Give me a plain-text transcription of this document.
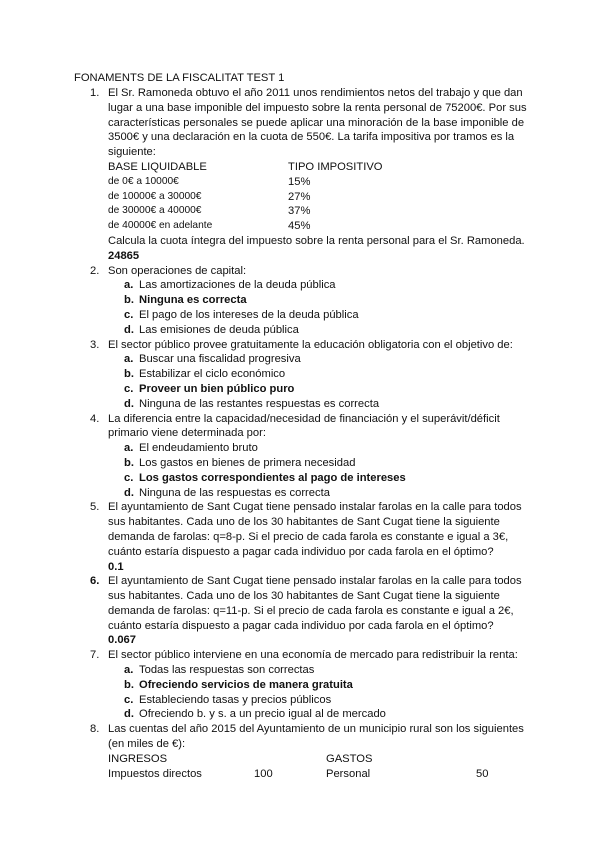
FONAMENTS DE LA FISCALITAT TEST 1
1. El Sr. Ramoneda obtuvo el año 2011 unos rendimientos netos del trabajo y que dan lugar a una base imponible del impuesto sobre la renta personal de 75200€. Por sus características personales se puede aplicar una minoración de la base imponible de 3500€ y una declaración en la cuota de 550€. La tarifa impositiva por tramos es la siguiente:
BASE LIQUIDABLE	TIPO IMPOSITIVO
de 0€ a 10000€	15%
de 10000€ a 30000€	27%
de 30000€ a 40000€	37%
de 40000€ en adelante	45%
Calcula la cuota íntegra del impuesto sobre la renta personal para el Sr. Ramoneda.
24865
2. Son operaciones de capital:
a. Las amortizaciones de la deuda pública
b. Ninguna es correcta
c. El pago de los intereses de la deuda pública
d. Las emisiones de deuda pública
3. El sector público provee gratuitamente la educación obligatoria con el objetivo de:
a. Buscar una fiscalidad progresiva
b. Estabilizar el ciclo económico
c. Proveer un bien público puro
d. Ninguna de las restantes respuestas es correcta
4. La diferencia entre la capacidad/necesidad de financiación y el superávit/déficit primario viene determinada por:
a. El endeudamiento bruto
b. Los gastos en bienes de primera necesidad
c. Los gastos correspondientes al pago de intereses
d. Ninguna de las respuestas es correcta
5. El ayuntamiento de Sant Cugat tiene pensado instalar farolas en la calle para todos sus habitantes. Cada uno de los 30 habitantes de Sant Cugat tiene la siguiente demanda de farolas: q=8-p. Si el precio de cada farola es constante e igual a 3€, cuánto estaría dispuesto a pagar cada individuo por cada farola en el óptimo?
0.1
6. El ayuntamiento de Sant Cugat tiene pensado instalar farolas en la calle para todos sus habitantes. Cada uno de los 30 habitantes de Sant Cugat tiene la siguiente demanda de farolas: q=11-p. Si el precio de cada farola es constante e igual a 2€, cuánto estaría dispuesto a pagar cada individuo por cada farola en el óptimo?
0.067
7. El sector público interviene en una economía de mercado para redistribuir la renta:
a. Todas las respuestas son correctas
b. Ofreciendo servicios de manera gratuita
c. Estableciendo tasas y precios públicos
d. Ofreciendo b. y s. a un precio igual al de mercado
8. Las cuentas del año 2015 del Ayuntamiento de un municipio rural son los siguientes (en miles de €):
INGRESOS	GASTOS
Impuestos directos	100	Personal	50
